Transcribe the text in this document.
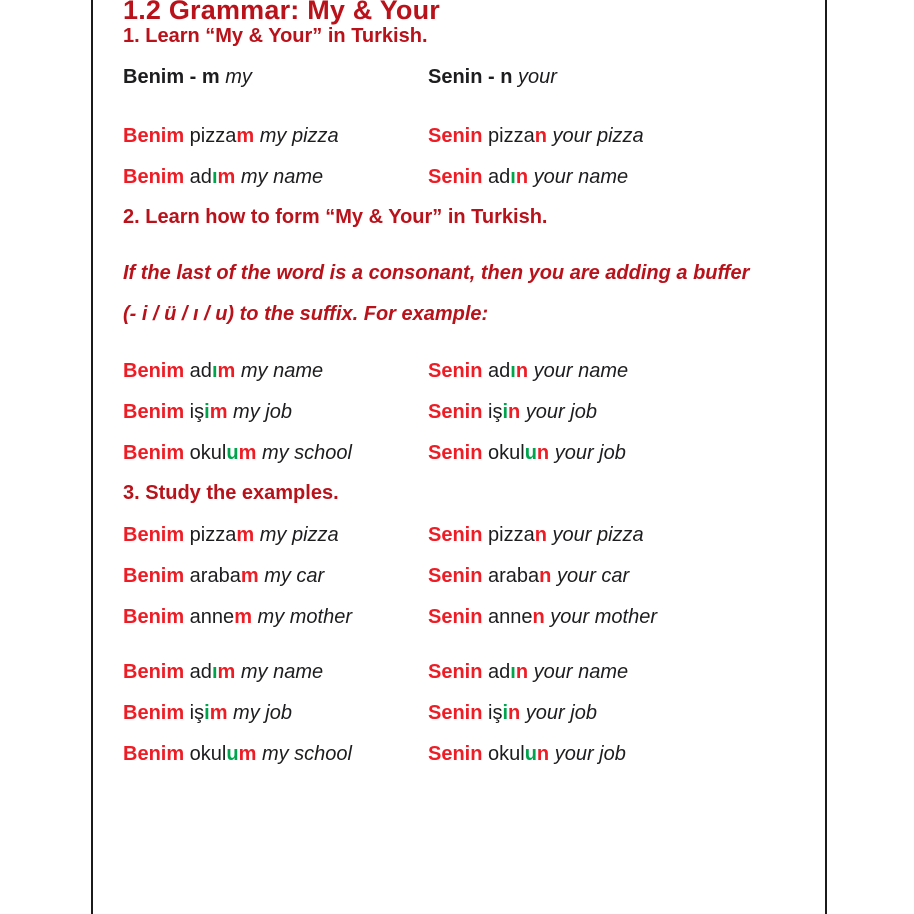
1.2 Grammar: My & Your
1. Learn “My & Your” in Turkish.
Benim - m my	Senin - n your
Benim pizzam my pizza	Senin pizzan your pizza
Benim adım my name	Senin adın your name
2. Learn how to form “My & Your” in Turkish.

If the last of the word is a consonant, then you are adding a buffer

(- i / ü / ı / u) to the suffix. For example:

Benim adım my name	Senin adın your name
Benim işim my job	Senin işin your job
Benim okulum my school	Senin okulun your job
3. Study the examples.
Benim pizzam my pizza	Senin pizzan your pizza
Benim arabam my car	Senin araban your car
Benim annem my mother	Senin annen your mother
Benim adım my name	Senin adın your name
Benim işim my job	Senin işin your job
Benim okulum my school	Senin okulun your job
